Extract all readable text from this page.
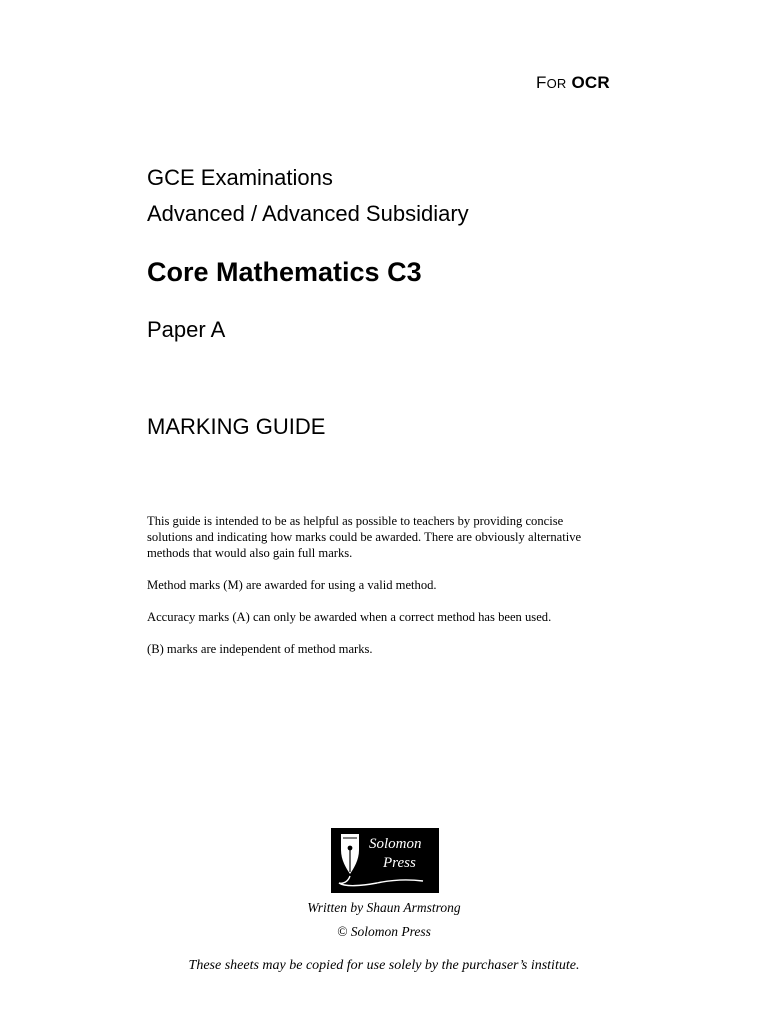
FOR OCR
GCE Examinations
Advanced / Advanced Subsidiary
Core Mathematics C3
Paper A
MARKING GUIDE

This guide is intended to be as helpful as possible to teachers by providing concise solutions and indicating how marks could be awarded. There are obviously alternative methods that would also gain full marks.

Method marks (M) are awarded for using a valid method.

Accuracy marks (A) can only be awarded when a correct method has been used.

(B) marks are independent of method marks.

Solomon
Press
Written by Shaun Armstrong
© Solomon Press
These sheets may be copied for use solely by the purchaser’s institute.
